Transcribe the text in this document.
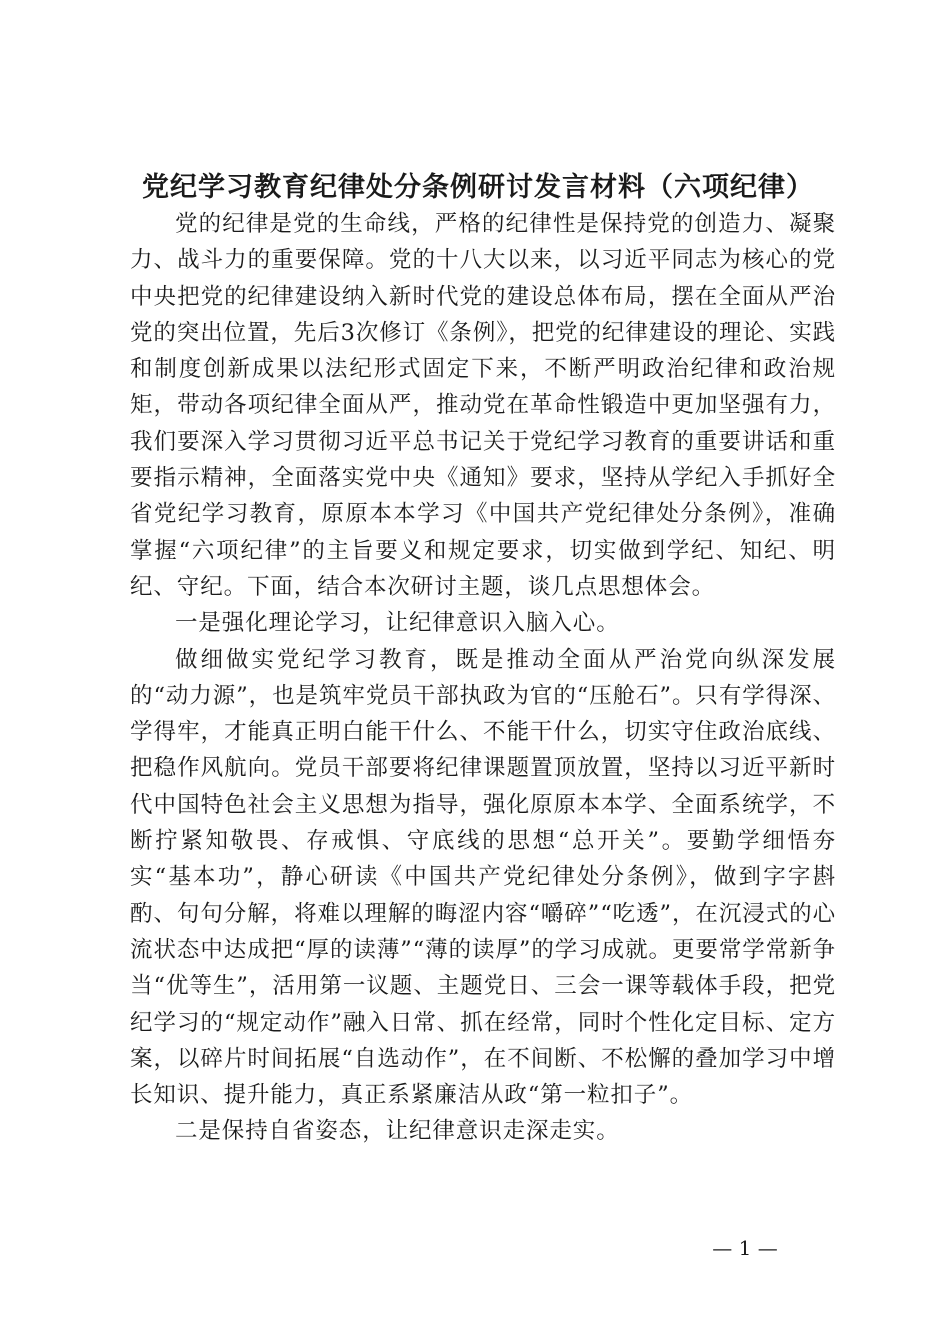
党纪学习教育纪律处分条例研讨发言材料（六项纪律）

党的纪律是党的生命线，严格的纪律性是保持党的创造力、凝聚力、战斗力的重要保障。党的十八大以来，以习近平同志为核心的党中央把党的纪律建设纳入新时代党的建设总体布局，摆在全面从严治党的突出位置，先后3次修订《条例》，把党的纪律建设的理论、实践和制度创新成果以法纪形式固定下来，不断严明政治纪律和政治规矩，带动各项纪律全面从严，推动党在革命性锻造中更加坚强有力，我们要深入学习贯彻习近平总书记关于党纪学习教育的重要讲话和重要指示精神，全面落实党中央《通知》要求，坚持从学纪入手抓好全省党纪学习教育，原原本本学习《中国共产党纪律处分条例》，准确掌握“六项纪律”的主旨要义和规定要求，切实做到学纪、知纪、明纪、守纪。下面，结合本次研讨主题，谈几点思想体会。

一是强化理论学习，让纪律意识入脑入心。

做细做实党纪学习教育，既是推动全面从严治党向纵深发展的“动力源”，也是筑牢党员干部执政为官的“压舱石”。只有学得深、学得牢，才能真正明白能干什么、不能干什么，切实守住政治底线、把稳作风航向。党员干部要将纪律课题置顶放置，坚持以习近平新时代中国特色社会主义思想为指导，强化原原本本学、全面系统学，不断拧紧知敬畏、存戒惧、守底线的思想“总开关”。要勤学细悟夯实“基本功”，静心研读《中国共产党纪律处分条例》，做到字字斟酌、句句分解，将难以理解的晦涩内容“嚼碎”“吃透”，在沉浸式的心流状态中达成把“厚的读薄”“薄的读厚”的学习成就。更要常学常新争当“优等生”，活用第一议题、主题党日、三会一课等载体手段，把党纪学习的“规定动作”融入日常、抓在经常，同时个性化定目标、定方案，以碎片时间拓展“自选动作”，在不间断、不松懈的叠加学习中增长知识、提升能力，真正系紧廉洁从政“第一粒扣子”。

二是保持自省姿态，让纪律意识走深走实。

— 1 —
